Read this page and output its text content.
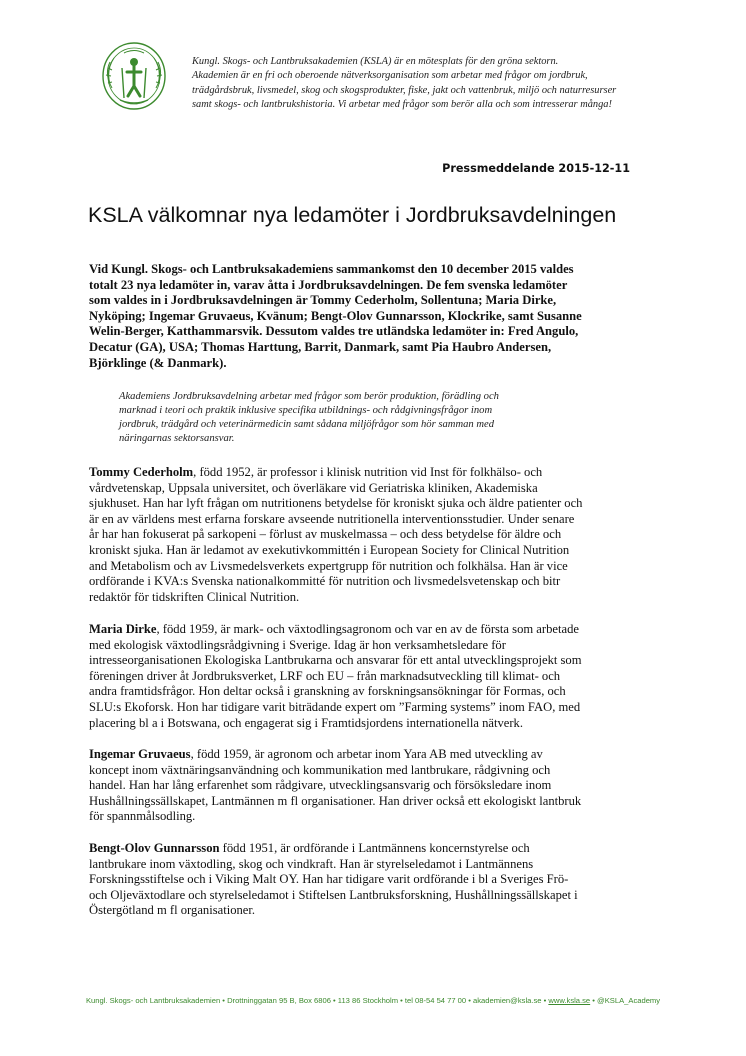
Kungl. Skogs- och Lantbruksakademien (KSLA) är en mötesplats för den gröna sektorn.
Akademien är en fri och oberoende nätverksorganisation som arbetar med frågor om jordbruk,
trädgårdsbruk, livsmedel, skog och skogsprodukter, fiske, jakt och vattenbruk, miljö och naturresurser
samt skogs- och lantbrukshistoria. Vi arbetar med frågor som berör alla och som intresserar många!
Pressmeddelande 2015-12-11
KSLA välkomnar nya ledamöter i Jordbruksavdelningen

Vid Kungl. Skogs- och Lantbruksakademiens sammankomst den 10 december 2015 valdes
totalt 23 nya ledamöter in, varav åtta i Jordbruksavdelningen. De fem svenska ledamöter
som valdes in i Jordbruksavdelningen är Tommy Cederholm, Sollentuna; Maria Dirke,
Nyköping; Ingemar Gruvaeus, Kvänum; Bengt-Olov Gunnarsson, Klockrike, samt Susanne
Welin-Berger, Katthammarsvik. Dessutom valdes tre utländska ledamöter in: Fred Angulo,
Decatur (GA), USA; Thomas Harttung, Barrit, Danmark, samt Pia Haubro Andersen,
Björklinge (& Danmark).

Akademiens Jordbruksavdelning arbetar med frågor som berör produktion, förädling och
marknad i teori och praktik inklusive specifika utbildnings- och rådgivningsfrågor inom
jordbruk, trädgård och veterinärmedicin samt sådana miljöfrågor som hör samman med
näringarnas sektorsansvar.

Tommy Cederholm, född 1952, är professor i klinisk nutrition vid Inst för folkhälso- och
vårdvetenskap, Uppsala universitet, och överläkare vid Geriatriska kliniken, Akademiska
sjukhuset. Han har lyft frågan om nutritionens betydelse för kroniskt sjuka och äldre patienter och
är en av världens mest erfarna forskare avseende nutritionella interventionsstudier. Under senare
år har han fokuserat på sarkopeni – förlust av muskelmassa – och dess betydelse för äldre och
kroniskt sjuka. Han är ledamot av exekutivkommittén i European Society for Clinical Nutrition
and Metabolism och av Livsmedelsverkets expertgrupp för nutrition och folkhälsa. Han är vice
ordförande i KVA:s Svenska nationalkommitté för nutrition och livsmedelsvetenskap och bitr
redaktör för tidskriften Clinical Nutrition.

Maria Dirke, född 1959, är mark- och växtodlingsagronom och var en av de första som arbetade
med ekologisk växtodlingsrådgivning i Sverige. Idag är hon verksamhetsledare för
intresseorganisationen Ekologiska Lantbrukarna och ansvarar för ett antal utvecklingsprojekt som
föreningen driver åt Jordbruksverket, LRF och EU – från marknadsutveckling till klimat- och
andra framtidsfrågor. Hon deltar också i granskning av forskningsansökningar för Formas, och
SLU:s Ekoforsk. Hon har tidigare varit biträdande expert om ”Farming systems” inom FAO, med
placering bl a i Botswana, och engagerat sig i Framtidsjordens internationella nätverk.

Ingemar Gruvaeus, född 1959, är agronom och arbetar inom Yara AB med utveckling av
koncept inom växtnäringsanvändning och kommunikation med lantbrukare, rådgivning och
handel. Han har lång erfarenhet som rådgivare, utvecklingsansvarig och försöksledare inom
Hushållningssällskapet, Lantmännen m fl organisationer. Han driver också ett ekologiskt lantbruk
för spannmålsodling.

Bengt-Olov Gunnarsson född 1951, är ordförande i Lantmännens koncernstyrelse och
lantbrukare inom växtodling, skog och vindkraft. Han är styrelseledamot i Lantmännens
Forskningsstiftelse och i Viking Malt OY. Han har tidigare varit ordförande i bl a Sveriges Frö-
och Oljeväxtodlare och styrelseledamot i Stiftelsen Lantbruksforskning, Hushållningssällskapet i
Östergötland m fl organisationer.

Kungl. Skogs- och Lantbruksakademien • Drottninggatan 95 B, Box 6806 • 113 86 Stockholm • tel 08-54 54 77 00 • akademien@ksla.se • www.ksla.se • @KSLA_Academy
